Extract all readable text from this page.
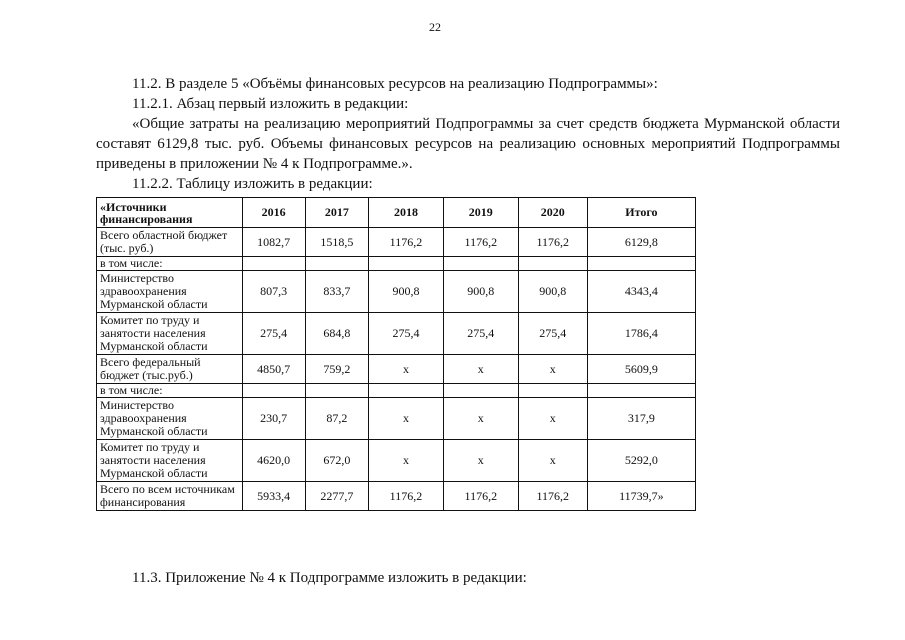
22
11.2. В разделе 5 «Объёмы финансовых ресурсов на реализацию Подпрограммы»:
11.2.1. Абзац первый изложить в редакции:
«Общие затраты на реализацию мероприятий Подпрограммы за счет средств бюджета Мурманской области
составят 6129,8 тыс. руб. Объемы финансовых ресурсов на реализацию основных мероприятий Подпрограммы
приведены в приложении № 4 к Подпрограмме.».
11.2.2. Таблицу изложить в редакции:
«Источники финансирования	2016	2017	2018	2019	2020	Итого
Всего областной бюджет (тыс. руб.)	1082,7	1518,5	1176,2	1176,2	1176,2	6129,8
в том числе:						
Министерство здравоохранения Мурманской области	807,3	833,7	900,8	900,8	900,8	4343,4
Комитет по труду и занятости населения Мурманской области	275,4	684,8	275,4	275,4	275,4	1786,4
Всего федеральный бюджет (тыс.руб.)	4850,7	759,2	х	х	х	5609,9
в том числе:						
Министерство здравоохранения Мурманской области	230,7	87,2	х	х	х	317,9
Комитет по труду и занятости населения Мурманской области	4620,0	672,0	х	х	х	5292,0
Всего по всем источникам финансирования	5933,4	2277,7	1176,2	1176,2	1176,2	11739,7»
11.3. Приложение № 4 к Подпрограмме изложить в редакции:
